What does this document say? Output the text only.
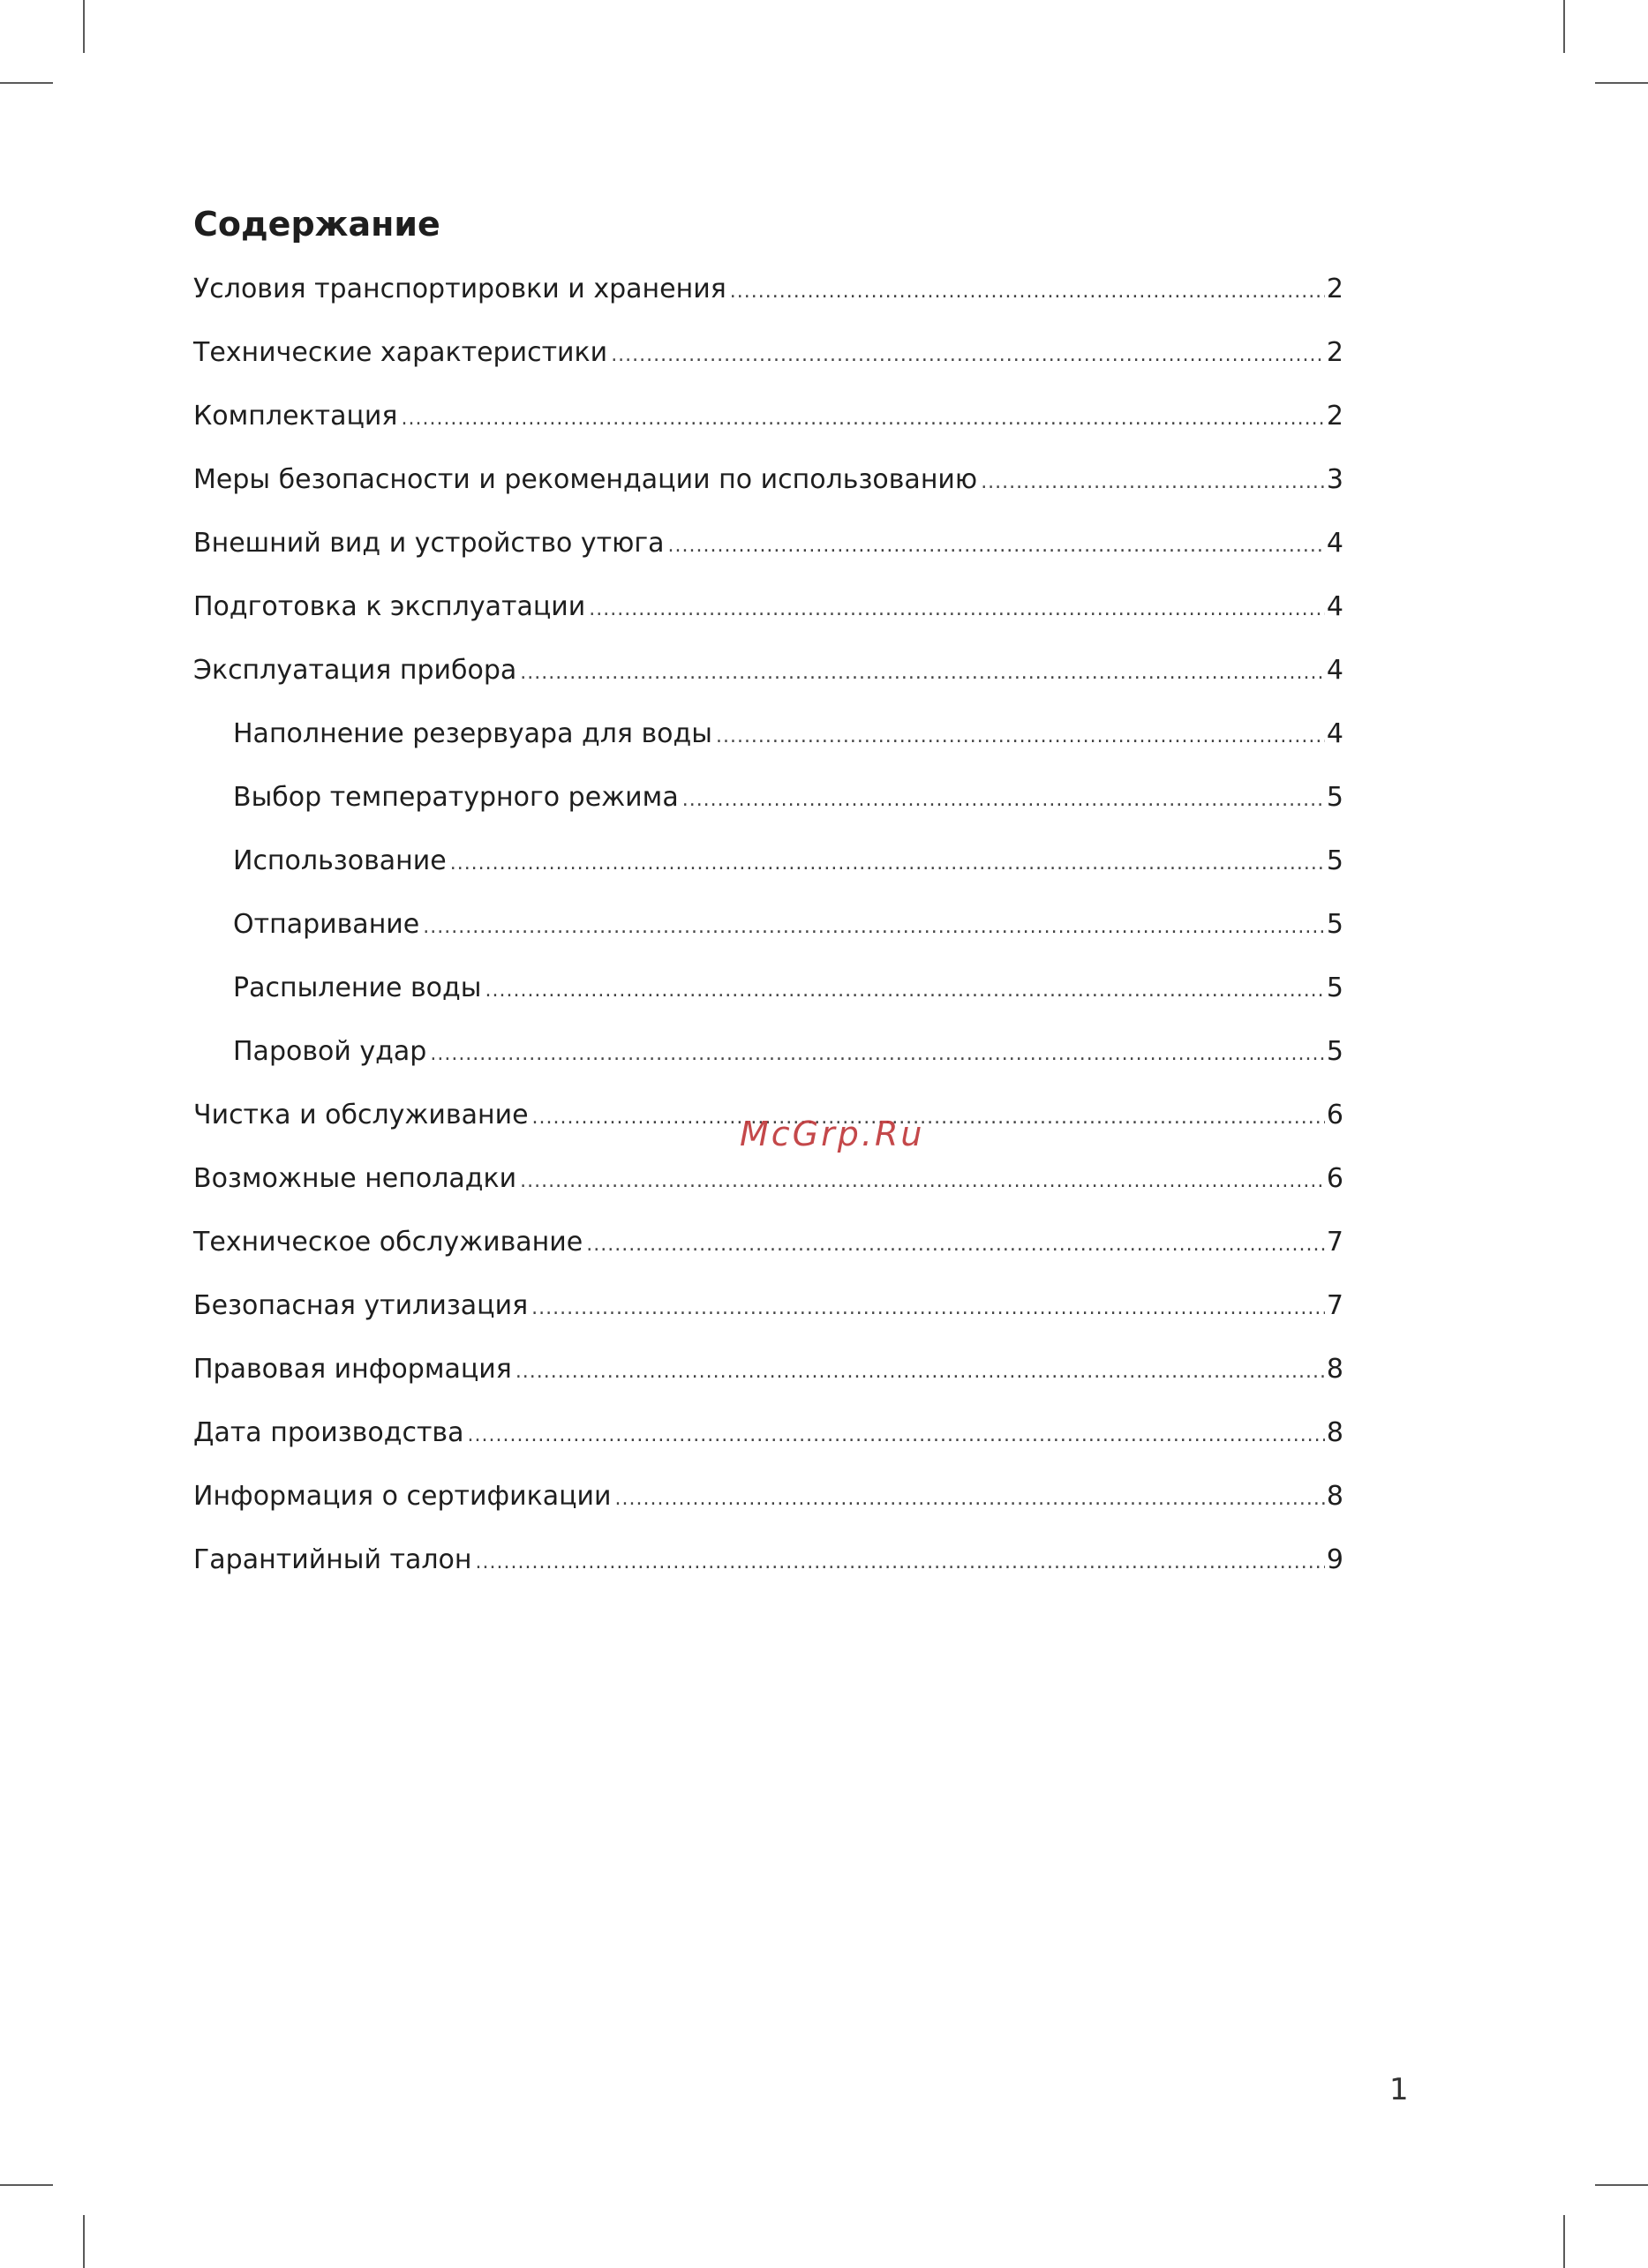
Содержание
Условия транспортировки и хранения .....	2
Технические характеристики .....	2
Комплектация .....	2
Меры безопасности и рекомендации по использованию .....	3
Внешний вид и устройство утюга .....	4
Подготовка к эксплуатации .....	4
Эксплуатация прибора .....	4
Наполнение резервуара для воды .....	4
Выбор температурного режима .....	5
Использование .....	5
Отпаривание .....	5
Распыление воды .....	5
Паровой удар .....	5
Чистка и обслуживание .....	6
Возможные неполадки .....	6
Техническое обслуживание .....	7
Безопасная утилизация .....	7
Правовая информация .....	8
Дата производства .....	8
Информация о сертификации .....	8
Гарантийный талон .....	9
McGrp.Ru
1
